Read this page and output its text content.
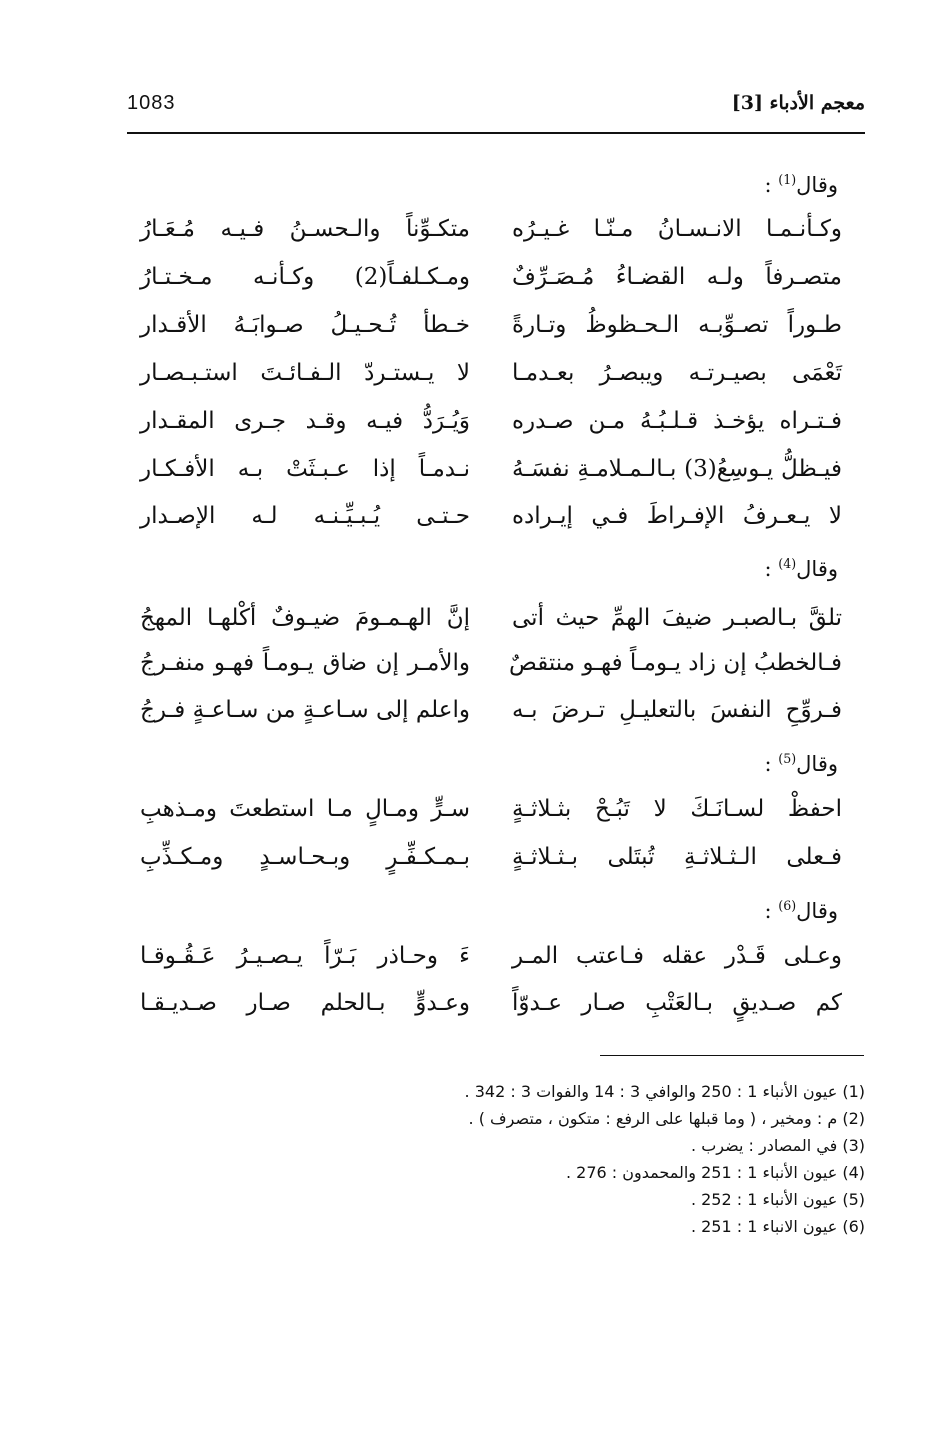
1083	معجم الأدباء [3]
وقال$^{(1)}$ :
وكـأنـمـا الانـسـانُ مـنّـا غـيـرُه
متكـوِّناً والـحسـنُ فـيـه مُـعَـارُ
متصـرفاً ولـه القضـاءُ مُـصَـرِّفٌ
ومـكـلفـاً(2) وكـأنـه مـخـتـارُ
طـوراً تصـوِّبـه الـحـظوظُ وتـارةً
خـطأ تُـحـيـلُ صـوابَـهُ الأقـدار
تَعْمَى بصيـرتـه ويبصـرُ بعـدمـا
لا يـستـردّ الـفـائـتَ استـبـصـار
فـتـراه يؤخـذ قـلـبُـهُ مـن صـدره
وَيُـرَدُّ فيـه وقـد جـرى المقـدار
فيـظلُّ يـوسِعُ(3) بـالـمـلامـةِ نفسَـهُ
نـدمـاً إذا عـبـثَتْ بـه الأفـكـار
لا يـعـرفُ الإفـراطَ فـي إيـراده
حـتـى يُـبـيِّـنـه لـه الإصـدار
وقال$^{(4)}$ :
تلقَّ بـالصبـر ضيفَ الهمِّ حيث أتى
إنَّ الهـمـومَ ضيـوفٌ أكْلهـا المهجُ
فـالخطبُ إن زاد يـومـاً فهـو منتقصٌ
والأمـر إن ضاق يـومـاً فهـو منفـرجُ
فـروِّحِ النفسَ بالتعليـلِ تـرضَ بـه
واعلم إلى سـاعـةٍ من سـاعـةٍ فـرجُ
وقال$^{(5)}$ :
احفظْ لسـانَـكَ لا تَبُـحْ بثـلاثـةٍ
سـرٍّ ومـالٍ مـا استطعتَ ومـذهبِ
فـعلى الـثـلاثـةِ تُبتَلى بـثـلاثـةٍ
بـمـكـفِّـرٍ وبـحـاسـدٍ ومـكـذِّبِ
وقال$^{(6)}$ :
وعـلى قَـدْر عقله فـاعتب المـر
ءَ وحـاذر بَـرّاً يـصـيـرُ عَـقُـوقـا
كم صـديقٍ بـالعَتْبِ صـار عـدوّاً
وعـدوٍّ بـالحلم صـار صـديـقـا
(1) عيون الأنباء 1 : 250 والوافي 3 : 14 والفوات 3 : 342 .
(2) م : ومخير ، ( وما قبلها على الرفع : متكون ، متصرف ) .
(3) في المصادر : يضرب .
(4) عيون الأنباء 1 : 251 والمحمدون : 276 .
(5) عيون الأنباء 1 : 252 .
(6) عيون الانباء 1 : 251 .
